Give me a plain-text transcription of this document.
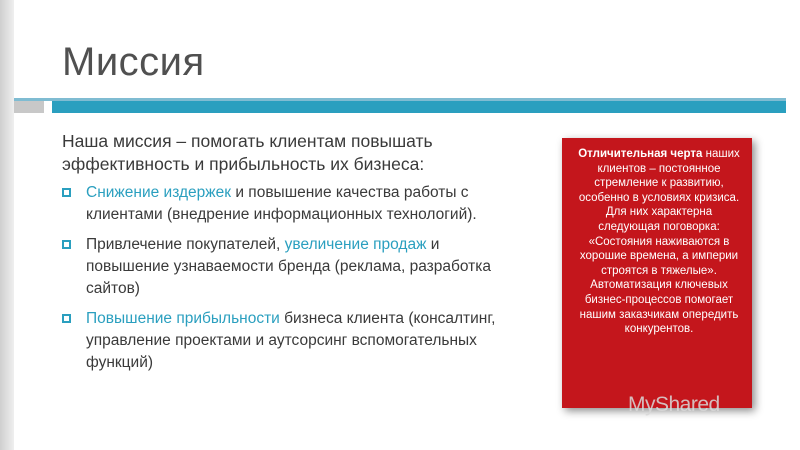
Миссия
Наша миссия – помогать клиентам повышать эффективность и прибыльность их бизнеса:
Снижение издержек и повышение качества работы с клиентами (внедрение информационных технологий).
Привлечение покупателей, увеличение продаж и повышение узнаваемости бренда (реклама, разработка сайтов)
Повышение прибыльности бизнеса клиента (консалтинг, управление проектами и аутсорсинг вспомогательных функций)
Отличительная черта наших клиентов – постоянное стремление к развитию, особенно в условиях кризиса. Для них характерна следующая поговорка: «Состояния наживаются в хорошие времена, а империи строятся в тяжелые». Автоматизация ключевых бизнес-процессов помогает нашим заказчикам опередить конкурентов.
MyShared
